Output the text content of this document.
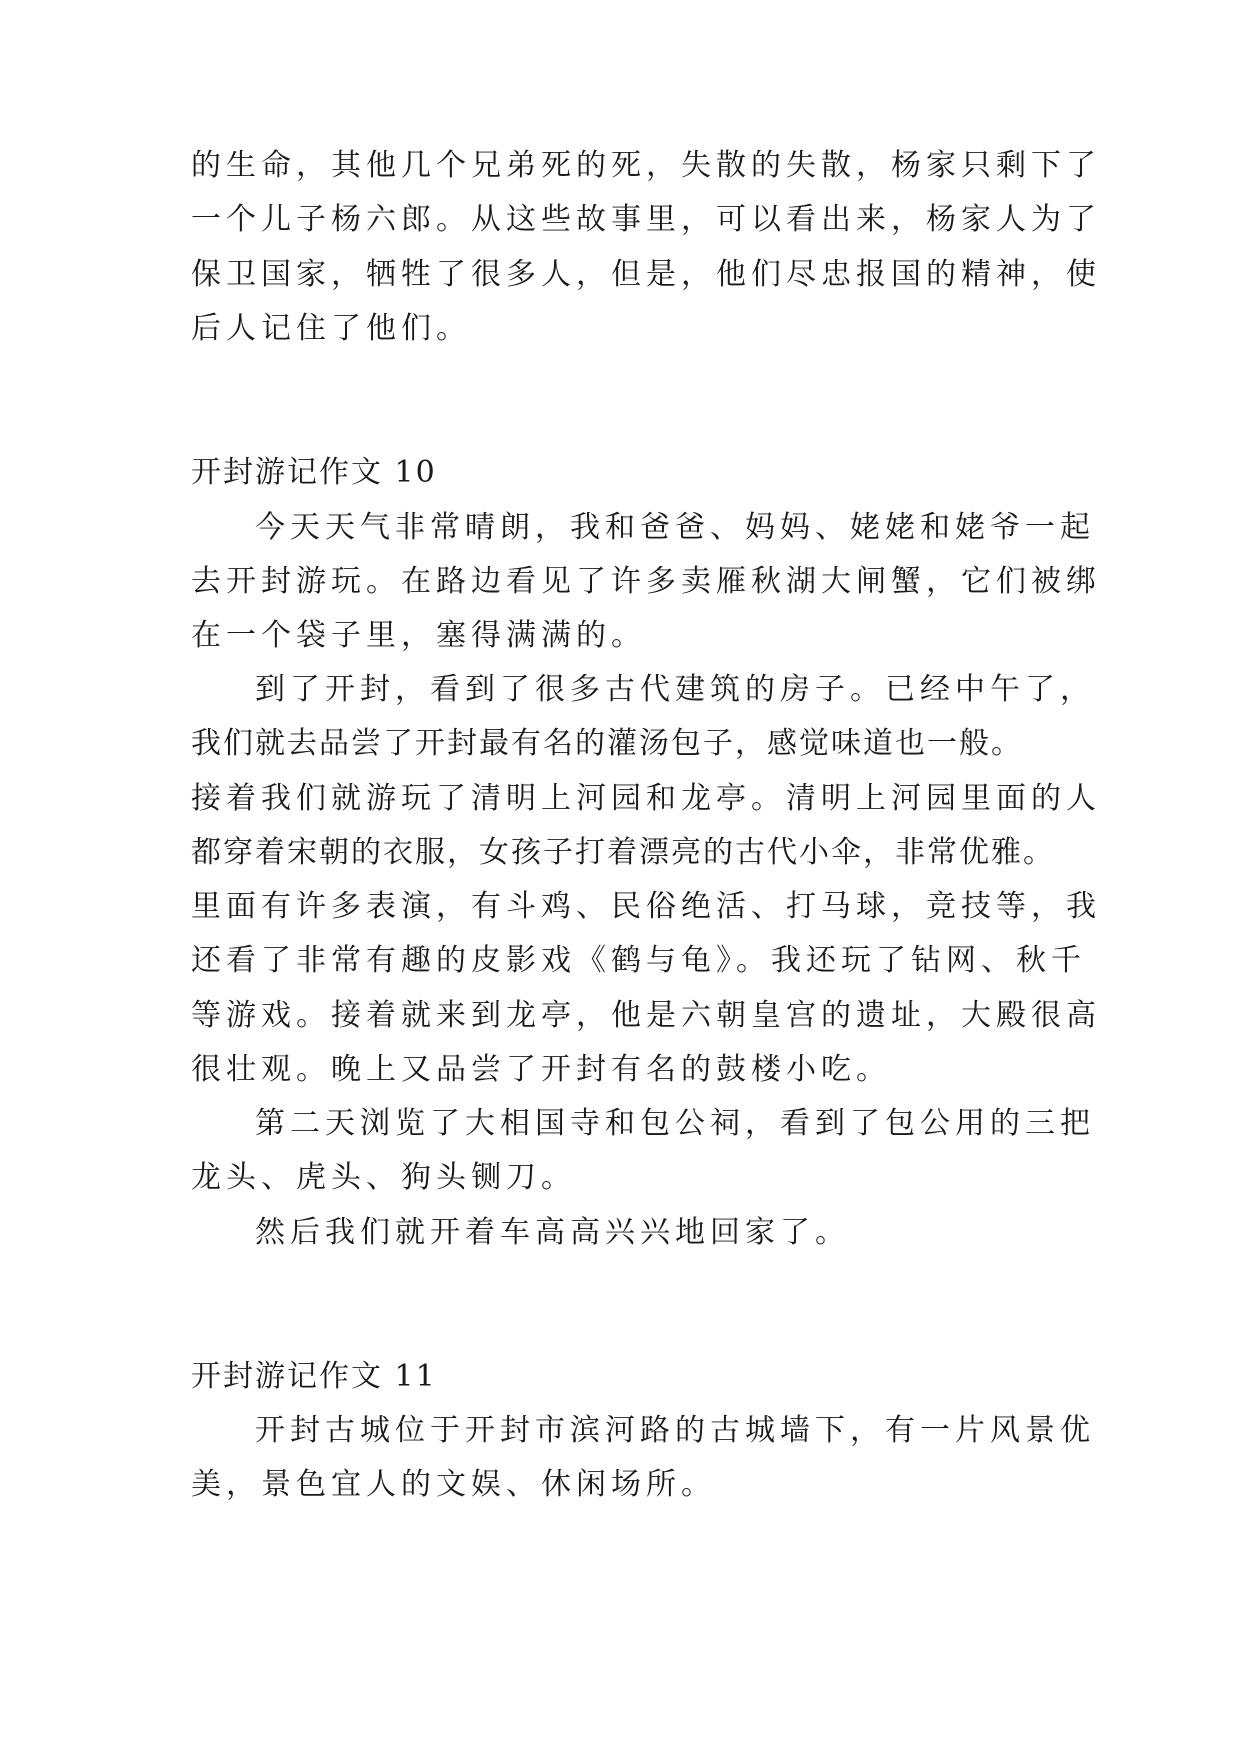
的生命，其他几个兄弟死的死，失散的失散，杨家只剩下了
一个儿子杨六郎。从这些故事里，可以看出来，杨家人为了
保卫国家，牺牲了很多人，但是，他们尽忠报国的精神，使
后人记住了他们。
开封游记作文 10
今天天气非常晴朗，我和爸爸、妈妈、姥姥和姥爷一起
去开封游玩。在路边看见了许多卖雁秋湖大闸蟹，它们被绑
在一个袋子里，塞得满满的。
到了开封，看到了很多古代建筑的房子。已经中午了，
我们就去品尝了开封最有名的灌汤包子，感觉味道也一般。
接着我们就游玩了清明上河园和龙亭。清明上河园里面的人
都穿着宋朝的衣服，女孩子打着漂亮的古代小伞，非常优雅。
里面有许多表演，有斗鸡、民俗绝活、打马球，竞技等，我
还看了非常有趣的皮影戏《鹤与龟》。我还玩了钻网、秋千
等游戏。接着就来到龙亭，他是六朝皇宫的遗址，大殿很高
很壮观。晚上又品尝了开封有名的鼓楼小吃。
第二天浏览了大相国寺和包公祠，看到了包公用的三把
龙头、虎头、狗头铡刀。
然后我们就开着车高高兴兴地回家了。
开封游记作文 11
开封古城位于开封市滨河路的古城墙下，有一片风景优
美，景色宜人的文娱、休闲场所。
